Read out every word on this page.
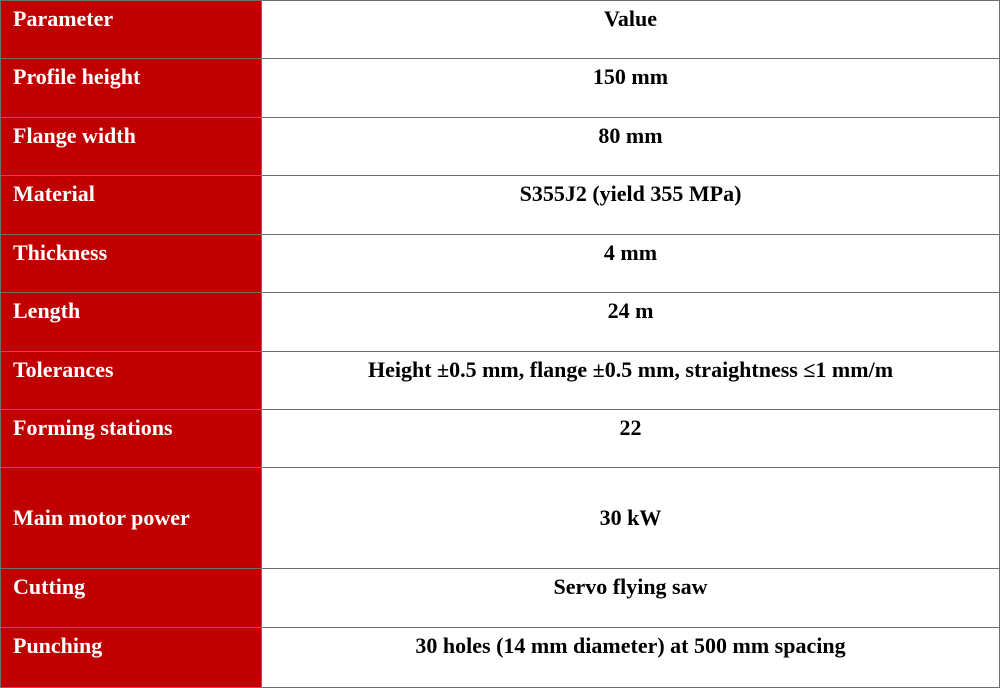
Parameter	Value
Profile height	150 mm
Flange width	80 mm
Material	S355J2 (yield 355 MPa)
Thickness	4 mm
Length	24 m
Tolerances	Height ±0.5 mm, flange ±0.5 mm, straightness ≤1 mm/m
Forming stations	22
Main motor power	30 kW
Cutting	Servo flying saw
Punching	30 holes (14 mm diameter) at 500 mm spacing
